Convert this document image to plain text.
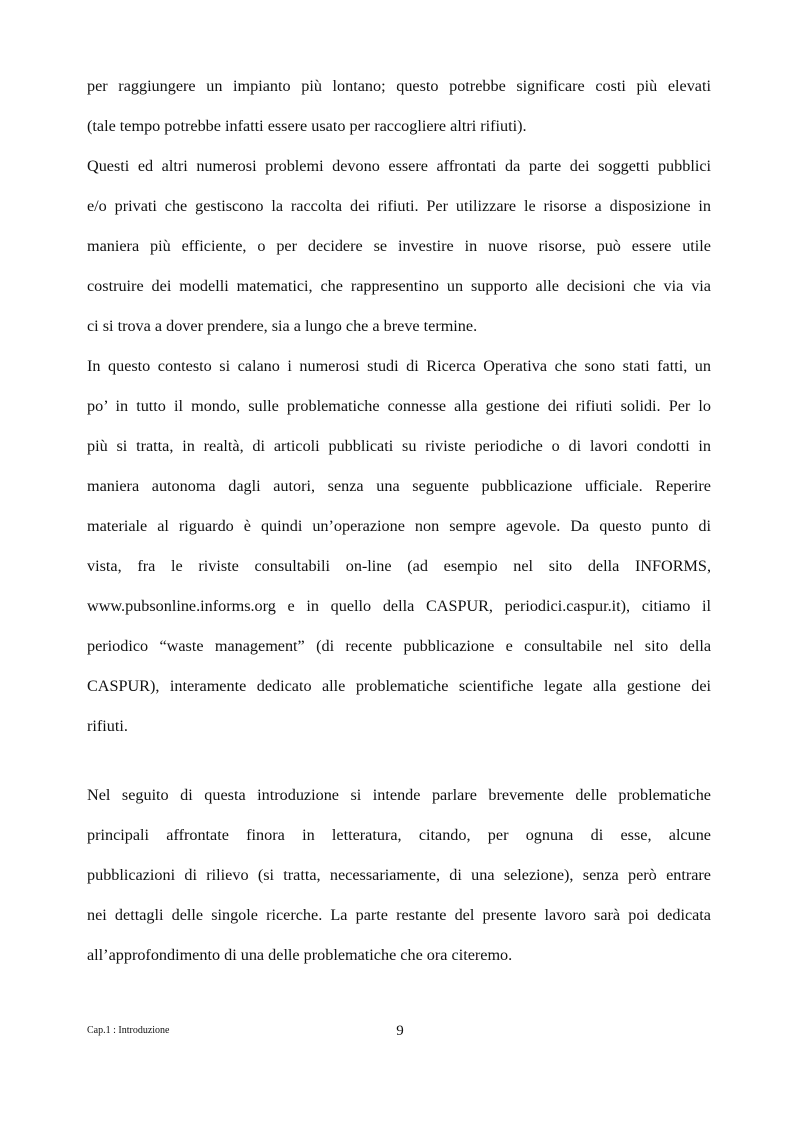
per raggiungere un impianto più lontano; questo potrebbe significare costi più elevati
(tale tempo potrebbe infatti essere usato per raccogliere altri rifiuti).
Questi ed altri numerosi problemi devono essere affrontati da parte dei soggetti pubblici
e/o privati che gestiscono la raccolta dei rifiuti. Per utilizzare le risorse a disposizione in
maniera più efficiente, o per decidere se investire in nuove risorse, può essere utile
costruire dei modelli matematici, che rappresentino un supporto alle decisioni che via via
ci si trova a dover prendere, sia a lungo che a breve termine.
In questo contesto si calano i numerosi studi di Ricerca Operativa che sono stati fatti, un
po’ in tutto il mondo, sulle problematiche connesse alla gestione dei rifiuti solidi. Per lo
più si tratta, in realtà, di articoli pubblicati su riviste periodiche o di lavori condotti in
maniera autonoma dagli autori, senza una seguente pubblicazione ufficiale. Reperire
materiale al riguardo è quindi un’operazione non sempre agevole. Da questo punto di
vista, fra le riviste consultabili on-line (ad esempio nel sito della INFORMS,
www.pubsonline.informs.org e in quello della CASPUR, periodici.caspur.it), citiamo il
periodico “waste management” (di recente pubblicazione e consultabile nel sito della
CASPUR), interamente dedicato alle problematiche scientifiche legate alla gestione dei
rifiuti.
Nel seguito di questa introduzione si intende parlare brevemente delle problematiche
principali affrontate finora in letteratura, citando, per ognuna di esse, alcune
pubblicazioni di rilievo (si tratta, necessariamente, di una selezione), senza però entrare
nei dettagli delle singole ricerche. La parte restante del presente lavoro sarà poi dedicata
all’approfondimento di una delle problematiche che ora citeremo.
Cap.1 : Introduzione	9
